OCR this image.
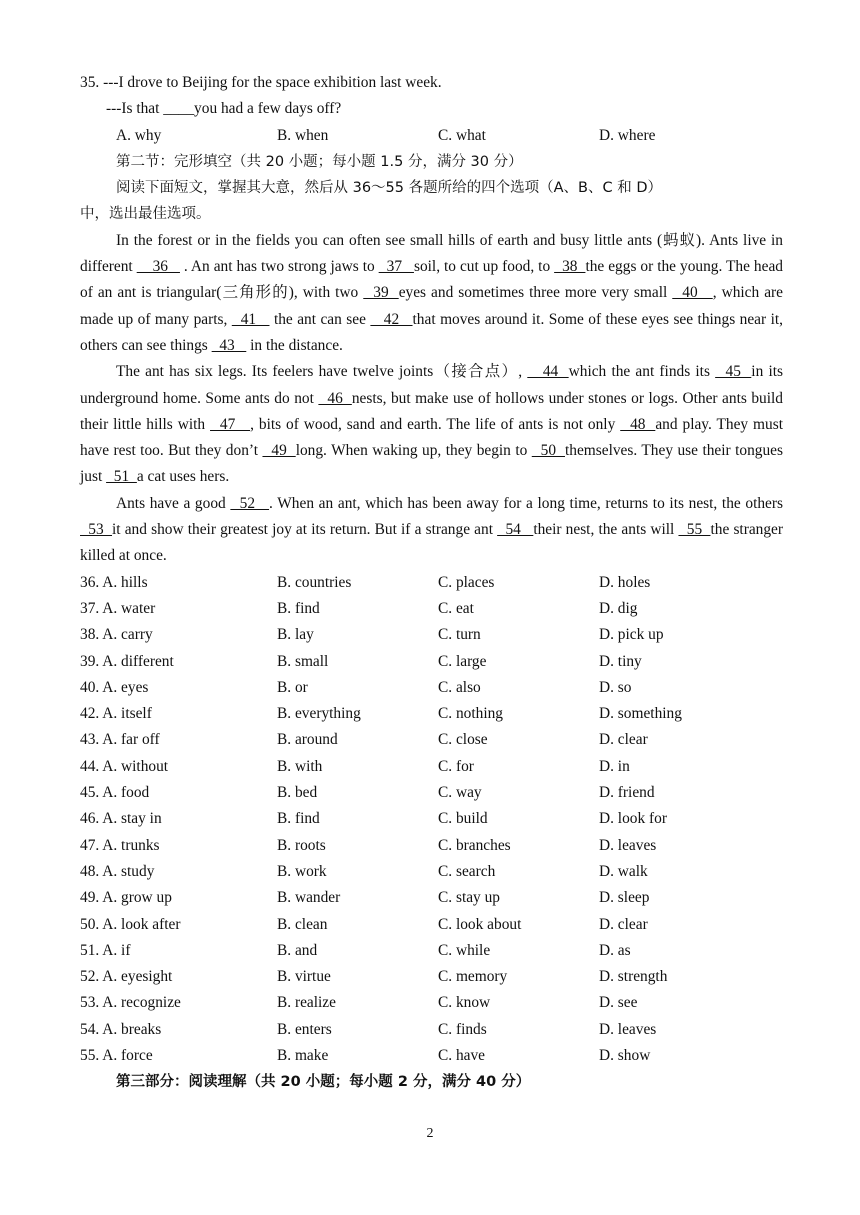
35. ---I drove to Beijing for the space exhibition last week.
---Is that ____you had a few days off?
A. why	B. when	C. what	D. where
第二节：完形填空（共 20 小题；每小题 1.5 分，满分 30 分）
阅读下面短文，掌握其大意，然后从 36～55 各题所给的四个选项（A、B、C 和 D）
中，选出最佳选项。

In the forest or in the fields you can often see small hills of earth and busy little ants (蚂蚁). Ants live in different     36    . An ant has two strong jaws to   37   soil, to cut up food, to   38  the eggs or the young. The head of an ant is triangular(三角形的), with two   39  eyes and sometimes three more very small   40   , which are made up of many parts,   41    the ant can see    42   that moves around it. Some of these eyes see things near it, others can see things   43    in the distance.

The ant has six legs. Its feelers have twelve joints（接合点）,    44  which the ant finds its   45  in its underground home. Some ants do not   46  nests, but make use of hollows under stones or logs. Other ants build their little hills with   47   , bits of wood, sand and earth. The life of ants is not only   48  and play. They must have rest too. But they don’t   49  long. When waking up, they begin to   50  themselves. They use their tongues just   51  a cat uses hers.

Ants have a good   52   . When an ant, which has been away for a long time, returns to its nest, the others   53  it and show their greatest joy at its return. But if a strange ant   54   their nest, the ants will   55  the stranger killed at once.

36. A. hills	B. countries	C. places	D. holes
37. A. water	B. find	C. eat	D. dig
38. A. carry	B. lay	C. turn	D. pick up
39. A. different	B. small	C. large	D. tiny
40. A. eyes	B. or	C. also	D. so
42. A. itself	B. everything	C. nothing	D. something
43. A. far off	B. around	C. close	D. clear
44. A. without	B. with	C. for	D. in
45. A. food	B. bed	C. way	D. friend
46. A. stay in	B. find	C. build	D. look for
47. A. trunks	B. roots	C. branches	D. leaves
48. A. study	B. work	C. search	D. walk
49. A. grow up	B. wander	C. stay up	D. sleep
50. A. look after	B. clean	C. look about	D. clear
51. A. if	B. and	C. while	D. as
52. A. eyesight	B. virtue	C. memory	D. strength
53. A. recognize	B. realize	C. know	D. see
54. A. breaks	B. enters	C. finds	D. leaves
55. A. force	B. make	C. have	D. show
第三部分：阅读理解（共 20 小题；每小题 2 分，满分 40 分）
2
